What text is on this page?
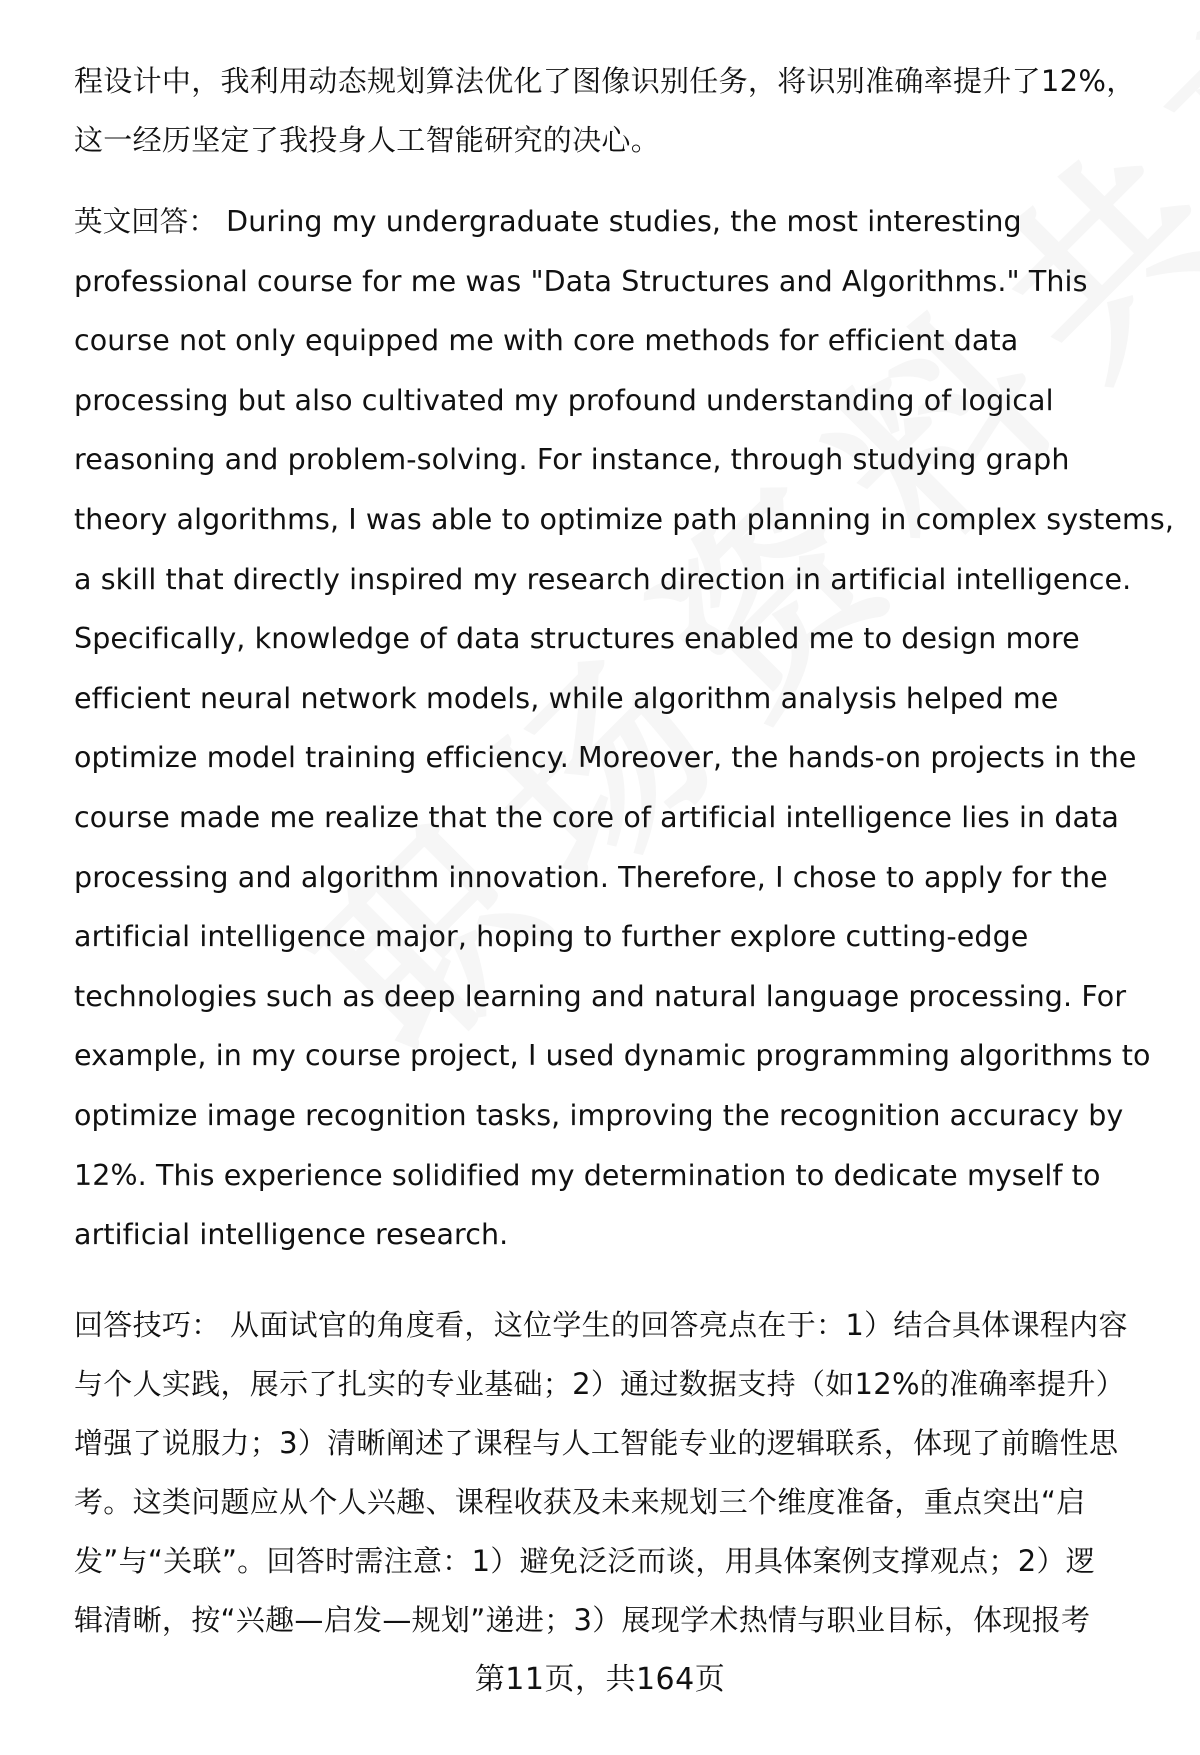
程设计中，我利用动态规划算法优化了图像识别任务，将识别准确率提升了12%，
这一经历坚定了我投身人工智能研究的决心。
英文回答： During my undergraduate studies, the most interesting
professional course for me was "Data Structures and Algorithms." This
course not only equipped me with core methods for efficient data
processing but also cultivated my profound understanding of logical
reasoning and problem-solving. For instance, through studying graph
theory algorithms, I was able to optimize path planning in complex systems,
a skill that directly inspired my research direction in artificial intelligence.
Specifically, knowledge of data structures enabled me to design more
efficient neural network models, while algorithm analysis helped me
optimize model training efficiency. Moreover, the hands-on projects in the
course made me realize that the core of artificial intelligence lies in data
processing and algorithm innovation. Therefore, I chose to apply for the
artificial intelligence major, hoping to further explore cutting-edge
technologies such as deep learning and natural language processing. For
example, in my course project, I used dynamic programming algorithms to
optimize image recognition tasks, improving the recognition accuracy by
12%. This experience solidified my determination to dedicate myself to
artificial intelligence research.
回答技巧： 从面试官的角度看，这位学生的回答亮点在于：1）结合具体课程内容
与个人实践，展示了扎实的专业基础；2）通过数据支持（如12%的准确率提升）
增强了说服力；3）清晰阐述了课程与人工智能专业的逻辑联系，体现了前瞻性思
考。这类问题应从个人兴趣、课程收获及未来规划三个维度准备，重点突出“启
发”与“关联”。回答时需注意：1）避免泛泛而谈，用具体案例支撑观点；2）逻
辑清晰，按“兴趣—启发—规划”递进；3）展现学术热情与职业目标，体现报考
第11页，共164页
